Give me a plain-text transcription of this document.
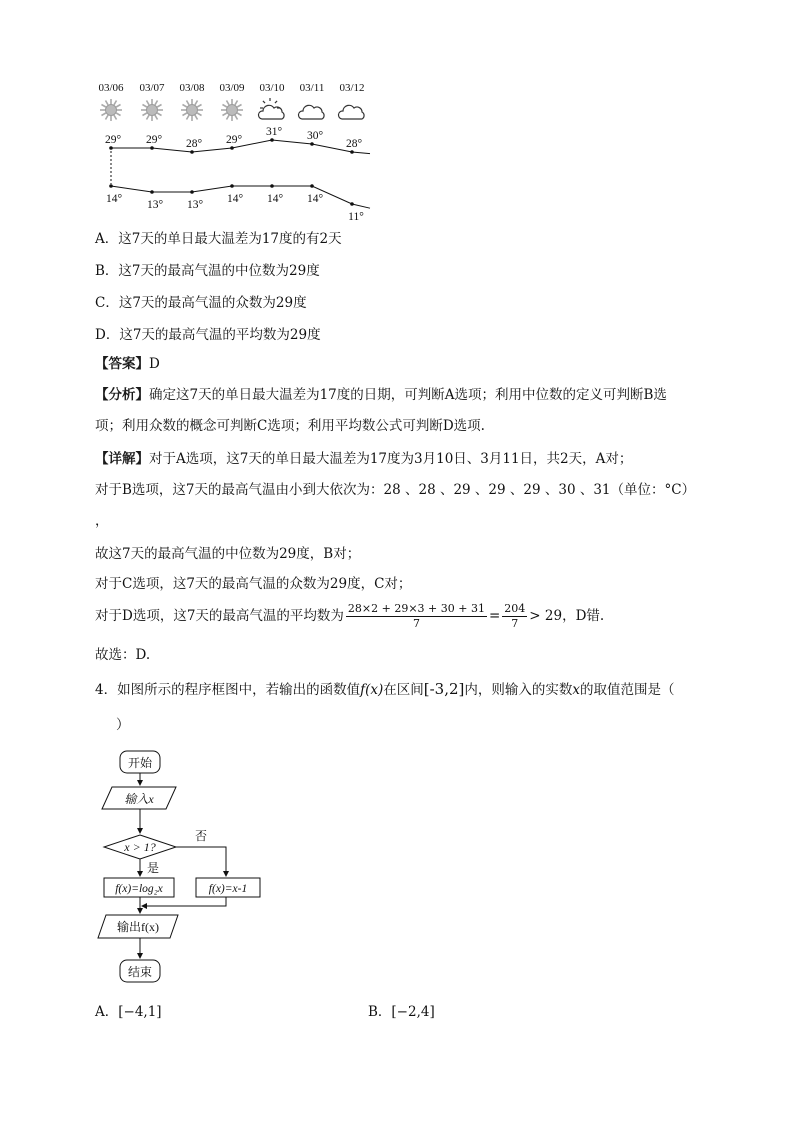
03/06 03/07 03/08 03/09 03/10 03/11 03/12
29° 29° 28° 29°
31° 30°
28°
14° 13° 13° 14° 14° 14°
11°
A．这7天的单日最大温差为17度的有2天
B．这7天的最高气温的中位数为29度
C．这7天的最高气温的众数为29度
D．这7天的最高气温的平均数为29度
【答案】D
【分析】确定这7天的单日最大温差为17度的日期，可判断A选项；利用中位数的定义可判断B选
项；利用众数的概念可判断C选项；利用平均数公式可判断D选项.
【详解】对于A选项，这7天的单日最大温差为17度为3月10日、3月11日，共2天，A对；
对于B选项，这7天的最高气温由小到大依次为：28 、28 、29 、29 、29 、30 、31（单位：°C）
，
故这7天的最高气温的中位数为29度，B对；
对于C选项，这7天的最高气温的众数为29度，C对；
对于D选项，这7天的最高气温的平均数为 $\frac{28\times 2 + 29\times 3 + 30 + 31}{7} = \frac{204}{7} > 29$，D错.
故选：D.
4．如图所示的程序框图中，若输出的函数值f(x)在区间[-3,2]内，则输入的实数x的取值范围是（
）
开始
输入x
x > 1?
是
否
f(x)=log₂x	f(x)=x-1
输出f(x)
结束
A．[−4,1]	B．[−2,4]
